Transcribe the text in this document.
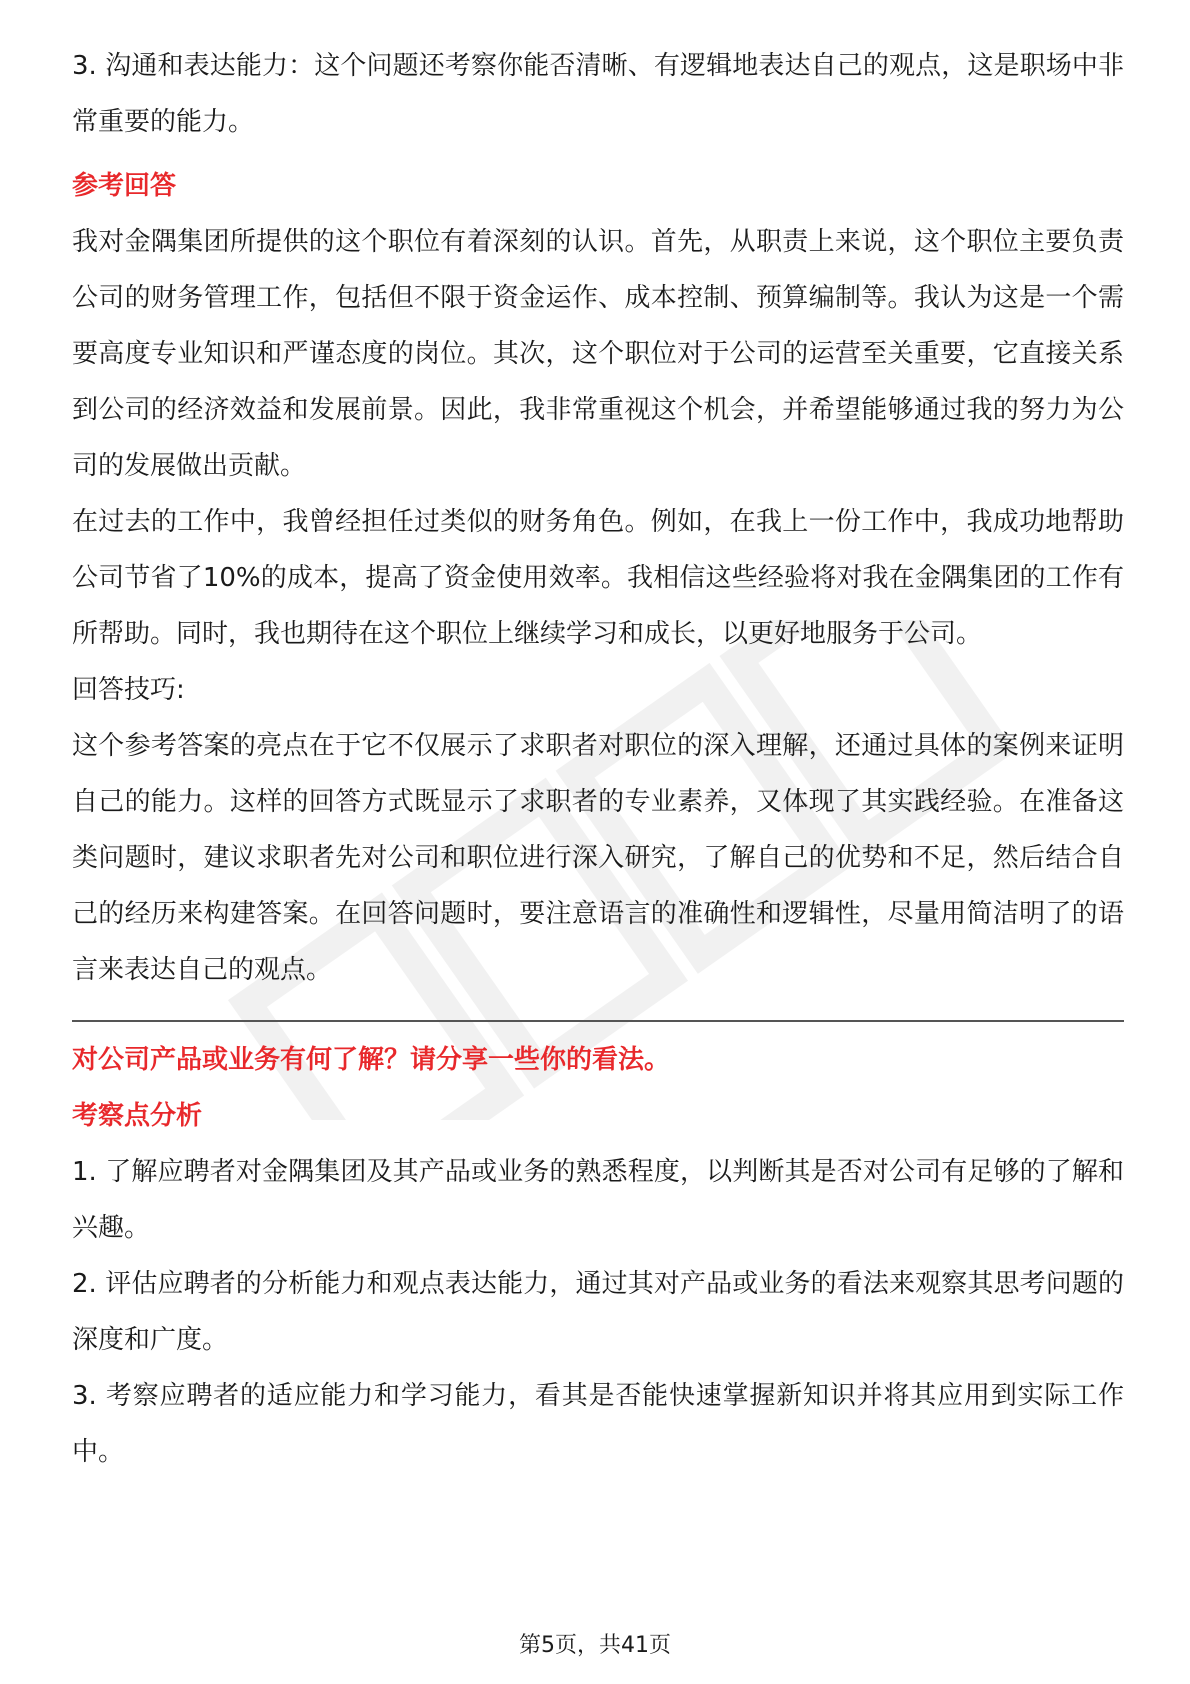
3. 沟通和表达能力：这个问题还考察你能否清晰、有逻辑地表达自己的观点，这是职场中非常重要的能力。

参考回答

我对金隅集团所提供的这个职位有着深刻的认识。首先，从职责上来说，这个职位主要负责公司的财务管理工作，包括但不限于资金运作、成本控制、预算编制等。我认为这是一个需要高度专业知识和严谨态度的岗位。其次，这个职位对于公司的运营至关重要，它直接关系到公司的经济效益和发展前景。因此，我非常重视这个机会，并希望能够通过我的努力为公司的发展做出贡献。

在过去的工作中，我曾经担任过类似的财务角色。例如，在我上一份工作中，我成功地帮助公司节省了10%的成本，提高了资金使用效率。我相信这些经验将对我在金隅集团的工作有所帮助。同时，我也期待在这个职位上继续学习和成长，以更好地服务于公司。

回答技巧:

这个参考答案的亮点在于它不仅展示了求职者对职位的深入理解，还通过具体的案例来证明自己的能力。这样的回答方式既显示了求职者的专业素养，又体现了其实践经验。在准备这类问题时，建议求职者先对公司和职位进行深入研究，了解自己的优势和不足，然后结合自己的经历来构建答案。在回答问题时，要注意语言的准确性和逻辑性，尽量用简洁明了的语言来表达自己的观点。

对公司产品或业务有何了解？请分享一些你的看法。

考察点分析

1. 了解应聘者对金隅集团及其产品或业务的熟悉程度，以判断其是否对公司有足够的了解和兴趣。

2. 评估应聘者的分析能力和观点表达能力，通过其对产品或业务的看法来观察其思考问题的深度和广度。

3. 考察应聘者的适应能力和学习能力，看其是否能快速掌握新知识并将其应用到实际工作中。

第5页，共41页
